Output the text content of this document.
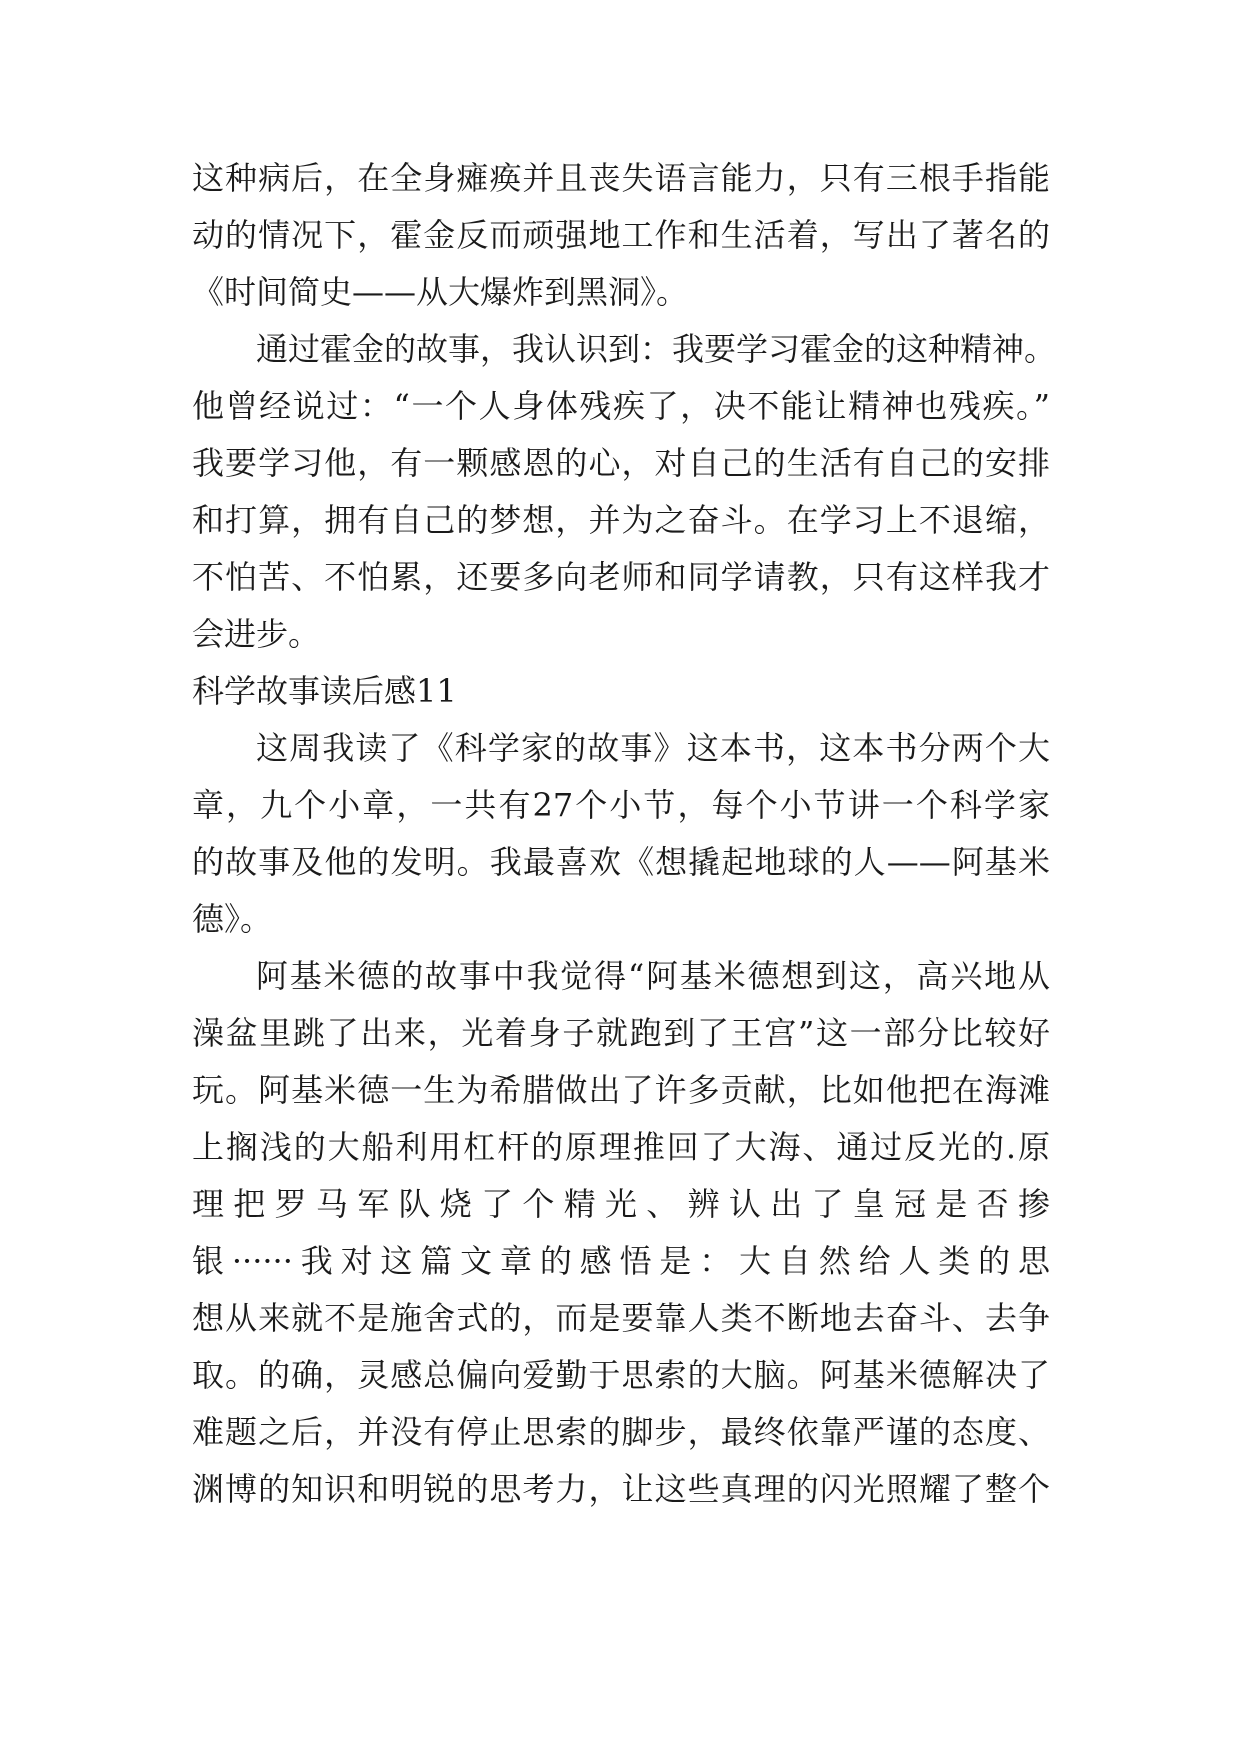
这种病后，在全身瘫痪并且丧失语言能力，只有三根手指能
动的情况下，霍金反而顽强地工作和生活着，写出了著名的
《时间简史——从大爆炸到黑洞》。
通过霍金的故事，我认识到：我要学习霍金的这种精神。
他曾经说过：“一个人身体残疾了，决不能让精神也残疾。”
我要学习他，有一颗感恩的心，对自己的生活有自己的安排
和打算，拥有自己的梦想，并为之奋斗。在学习上不退缩，
不怕苦、不怕累，还要多向老师和同学请教，只有这样我才
会进步。
科学故事读后感11
这周我读了《科学家的故事》这本书，这本书分两个大
章，九个小章，一共有27个小节，每个小节讲一个科学家
的故事及他的发明。我最喜欢《想撬起地球的人——阿基米
德》。
阿基米德的故事中我觉得“阿基米德想到这，高兴地从
澡盆里跳了出来，光着身子就跑到了王宫”这一部分比较好
玩。阿基米德一生为希腊做出了许多贡献，比如他把在海滩
上搁浅的大船利用杠杆的原理推回了大海、通过反光的.原
理把罗马军队烧了个精光、辨认出了皇冠是否掺
银······我对这篇文章的感悟是：大自然给人类的思
想从来就不是施舍式的，而是要靠人类不断地去奋斗、去争
取。的确，灵感总偏向爱勤于思索的大脑。阿基米德解决了
难题之后，并没有停止思索的脚步，最终依靠严谨的态度、
渊博的知识和明锐的思考力，让这些真理的闪光照耀了整个
